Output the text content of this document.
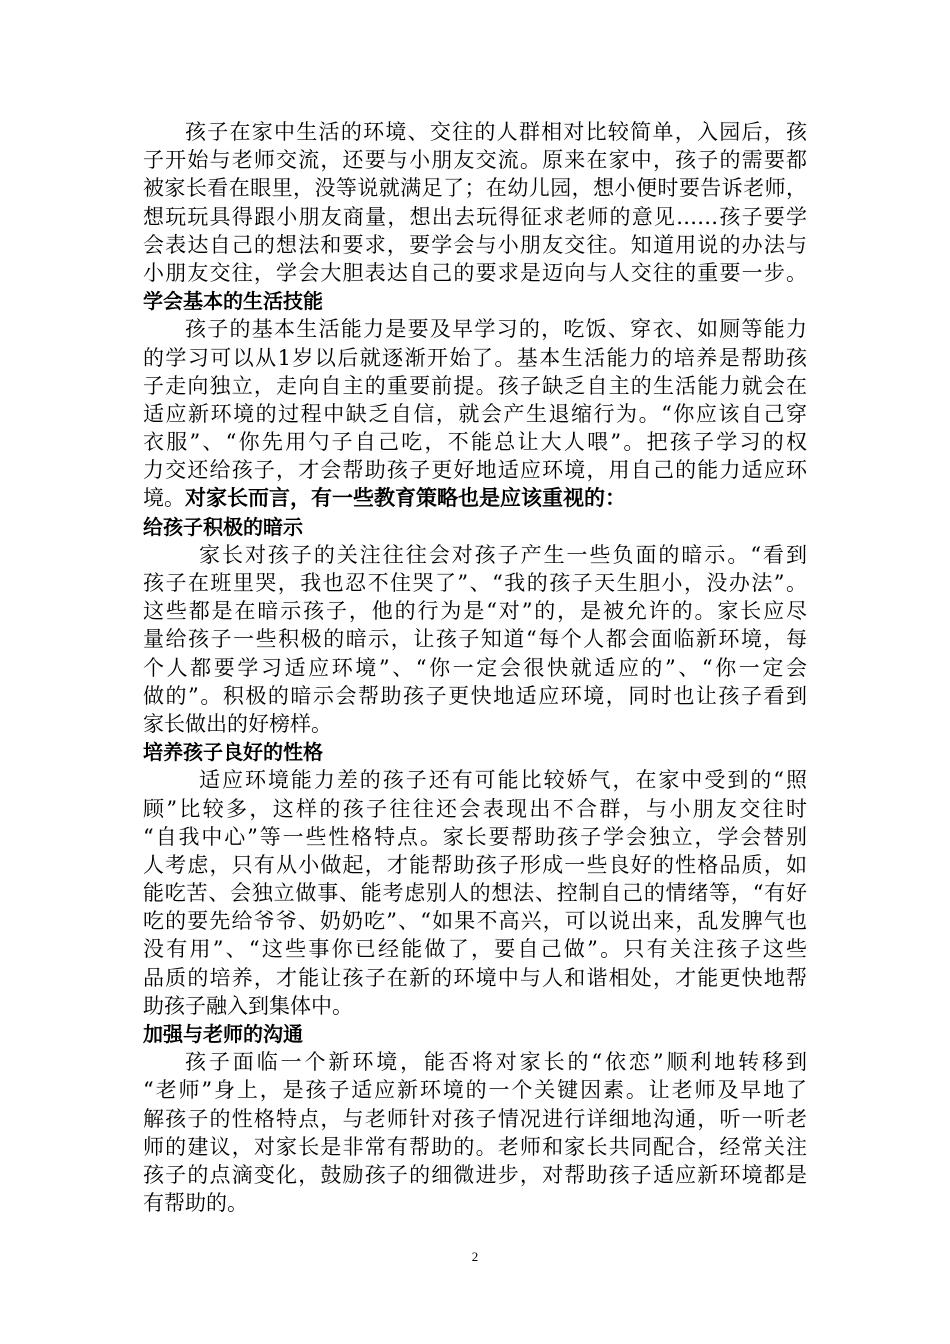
孩子在家中生活的环境、交往的人群相对比较简单，入园后，孩
子开始与老师交流，还要与小朋友交流。原来在家中，孩子的需要都
被家长看在眼里，没等说就满足了；在幼儿园，想小便时要告诉老师，
想玩玩具得跟小朋友商量，想出去玩得征求老师的意见……孩子要学
会表达自己的想法和要求，要学会与小朋友交往。知道用说的办法与
小朋友交往，学会大胆表达自己的要求是迈向与人交往的重要一步。
学会基本的生活技能
孩子的基本生活能力是要及早学习的，吃饭、穿衣、如厕等能力
的学习可以从1岁以后就逐渐开始了。基本生活能力的培养是帮助孩
子走向独立，走向自主的重要前提。孩子缺乏自主的生活能力就会在
适应新环境的过程中缺乏自信，就会产生退缩行为。“你应该自己穿
衣服”、“你先用勺子自己吃，不能总让大人喂”。把孩子学习的权
力交还给孩子，才会帮助孩子更好地适应环境，用自己的能力适应环
境。对家长而言，有一些教育策略也是应该重视的：
给孩子积极的暗示
家长对孩子的关注往往会对孩子产生一些负面的暗示。“看到
孩子在班里哭，我也忍不住哭了”、“我的孩子天生胆小，没办法”。
这些都是在暗示孩子，他的行为是“对”的，是被允许的。家长应尽
量给孩子一些积极的暗示，让孩子知道“每个人都会面临新环境，每
个人都要学习适应环境”、“你一定会很快就适应的”、“你一定会
做的”。积极的暗示会帮助孩子更快地适应环境，同时也让孩子看到
家长做出的好榜样。
培养孩子良好的性格
适应环境能力差的孩子还有可能比较娇气，在家中受到的“照
顾”比较多，这样的孩子往往还会表现出不合群，与小朋友交往时
“自我中心”等一些性格特点。家长要帮助孩子学会独立，学会替别
人考虑，只有从小做起，才能帮助孩子形成一些良好的性格品质，如
能吃苦、会独立做事、能考虑别人的想法、控制自己的情绪等，“有好
吃的要先给爷爷、奶奶吃”、“如果不高兴，可以说出来，乱发脾气也
没有用”、“这些事你已经能做了，要自己做”。只有关注孩子这些
品质的培养，才能让孩子在新的环境中与人和谐相处，才能更快地帮
助孩子融入到集体中。
加强与老师的沟通
孩子面临一个新环境，能否将对家长的“依恋”顺利地转移到
“老师”身上，是孩子适应新环境的一个关键因素。让老师及早地了
解孩子的性格特点，与老师针对孩子情况进行详细地沟通，听一听老
师的建议，对家长是非常有帮助的。老师和家长共同配合，经常关注
孩子的点滴变化，鼓励孩子的细微进步，对帮助孩子适应新环境都是
有帮助的。
2
